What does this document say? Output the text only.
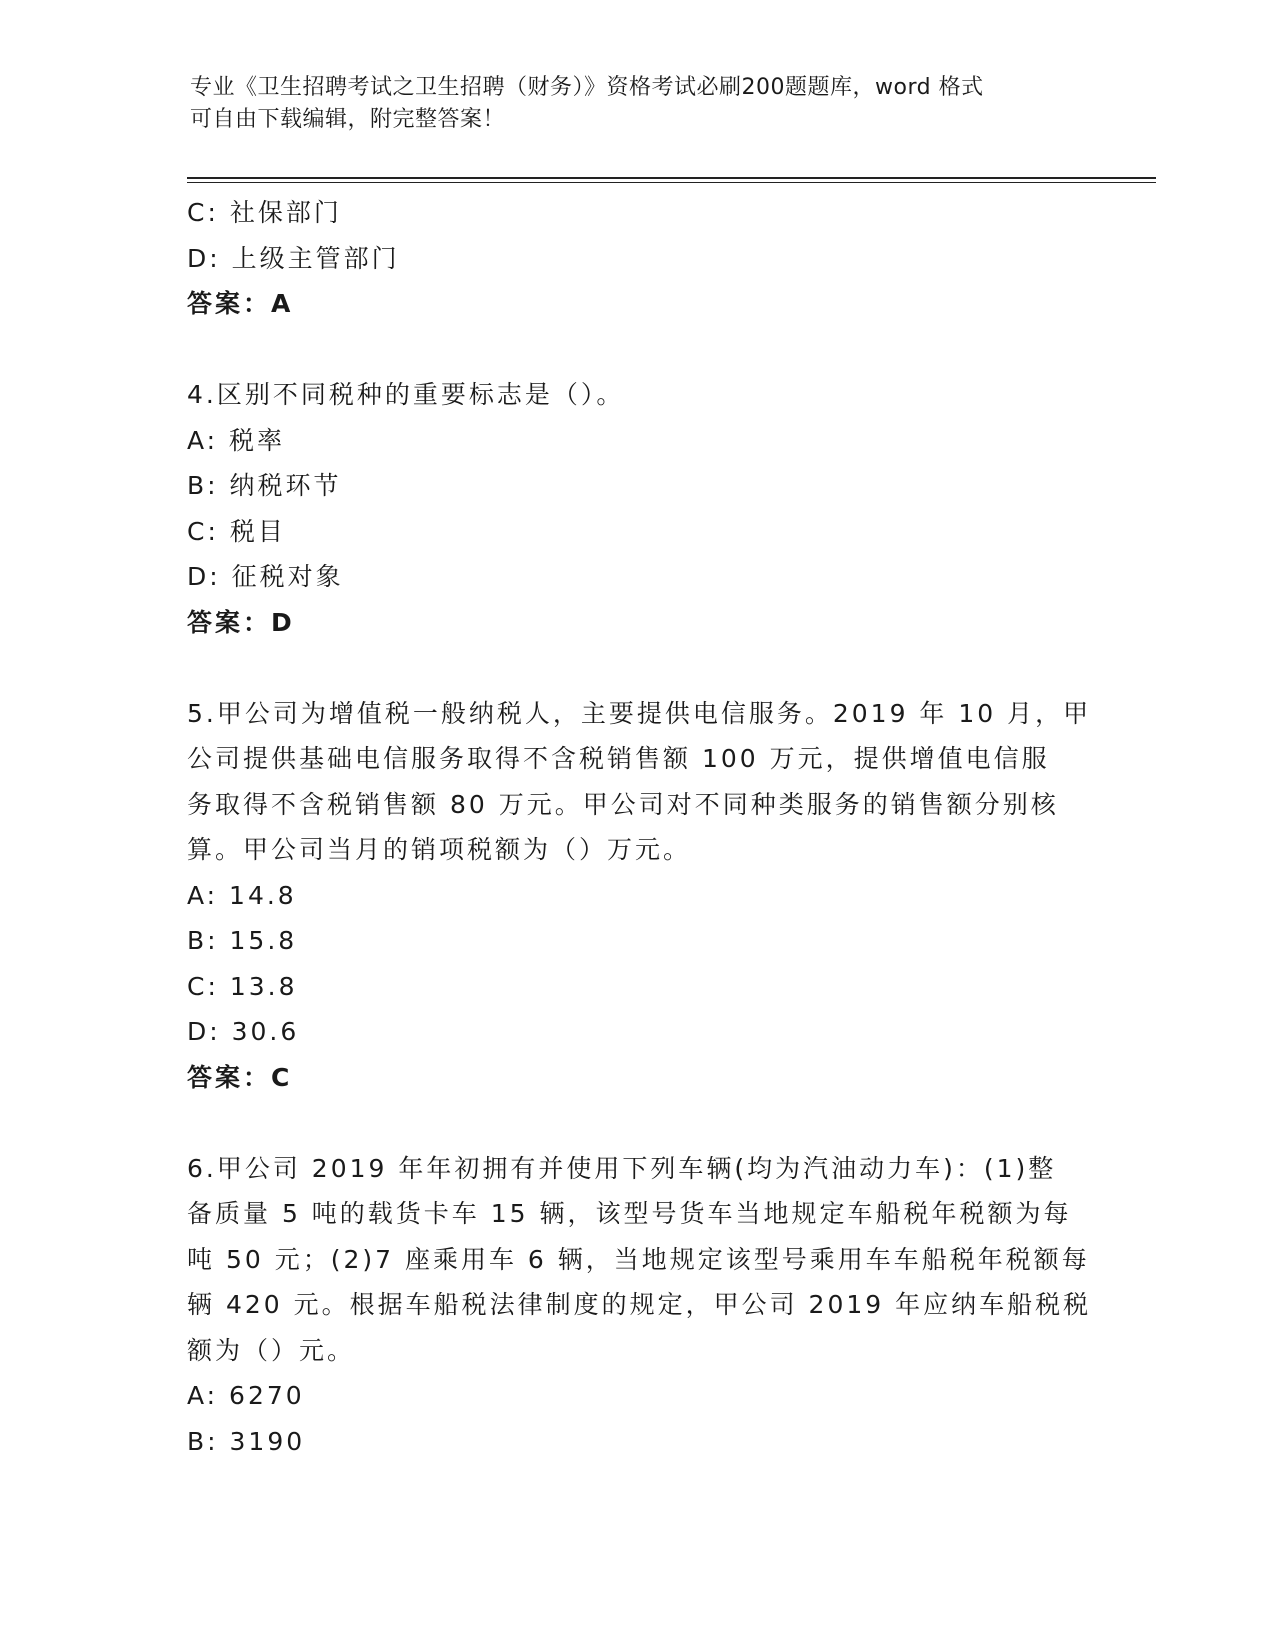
专业《卫生招聘考试之卫生招聘（财务）》资格考试必刷200题题库，word 格式
可自由下载编辑，附完整答案！
C: 社保部门
D: 上级主管部门
答案：A
4.区别不同税种的重要标志是（）。
A: 税率
B: 纳税环节
C: 税目
D: 征税对象
答案：D
5.甲公司为增值税一般纳税人，主要提供电信服务。2019 年 10 月，甲
公司提供基础电信服务取得不含税销售额 100 万元，提供增值电信服
务取得不含税销售额 80 万元。甲公司对不同种类服务的销售额分别核
算。甲公司当月的销项税额为（）万元。
A: 14.8
B: 15.8
C: 13.8
D: 30.6
答案：C
6.甲公司 2019 年年初拥有并使用下列车辆(均为汽油动力车)：(1)整
备质量 5 吨的载货卡车 15 辆，该型号货车当地规定车船税年税额为每
吨 50 元；(2)7 座乘用车 6 辆，当地规定该型号乘用车车船税年税额每
辆 420 元。根据车船税法律制度的规定，甲公司 2019 年应纳车船税税
额为（）元。
A: 6270
B: 3190
